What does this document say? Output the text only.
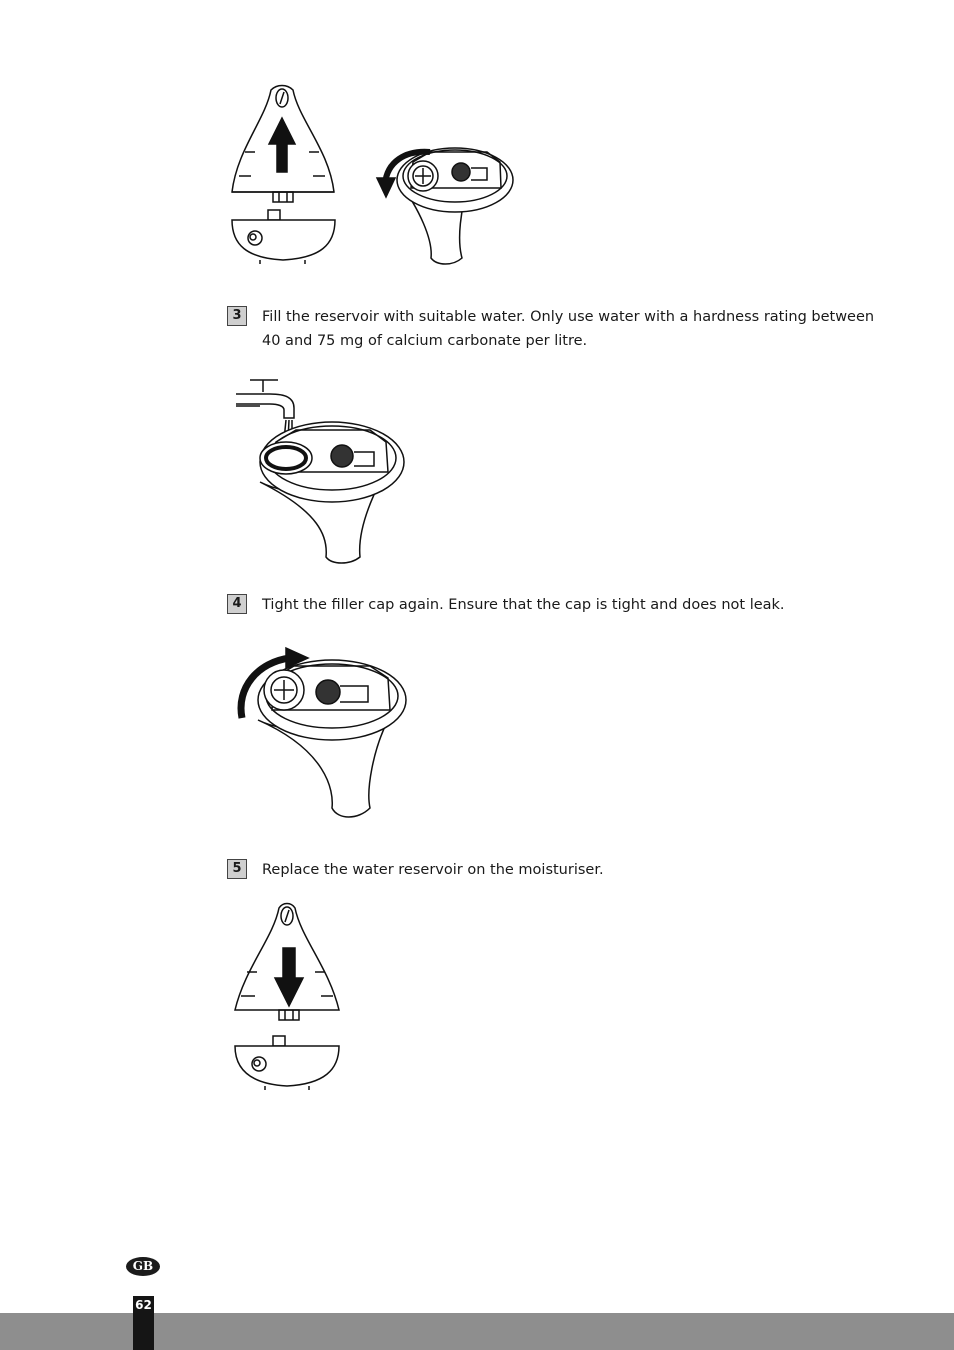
3	Fill the reservoir with suitable water. Only use water with a hardness rating between 40 and 75 mg of calcium carbonate per litre.
4	Tight the filler cap again. Ensure that the cap is tight and does not leak.
5	Replace the water reservoir on the moisturiser.
GB
62
